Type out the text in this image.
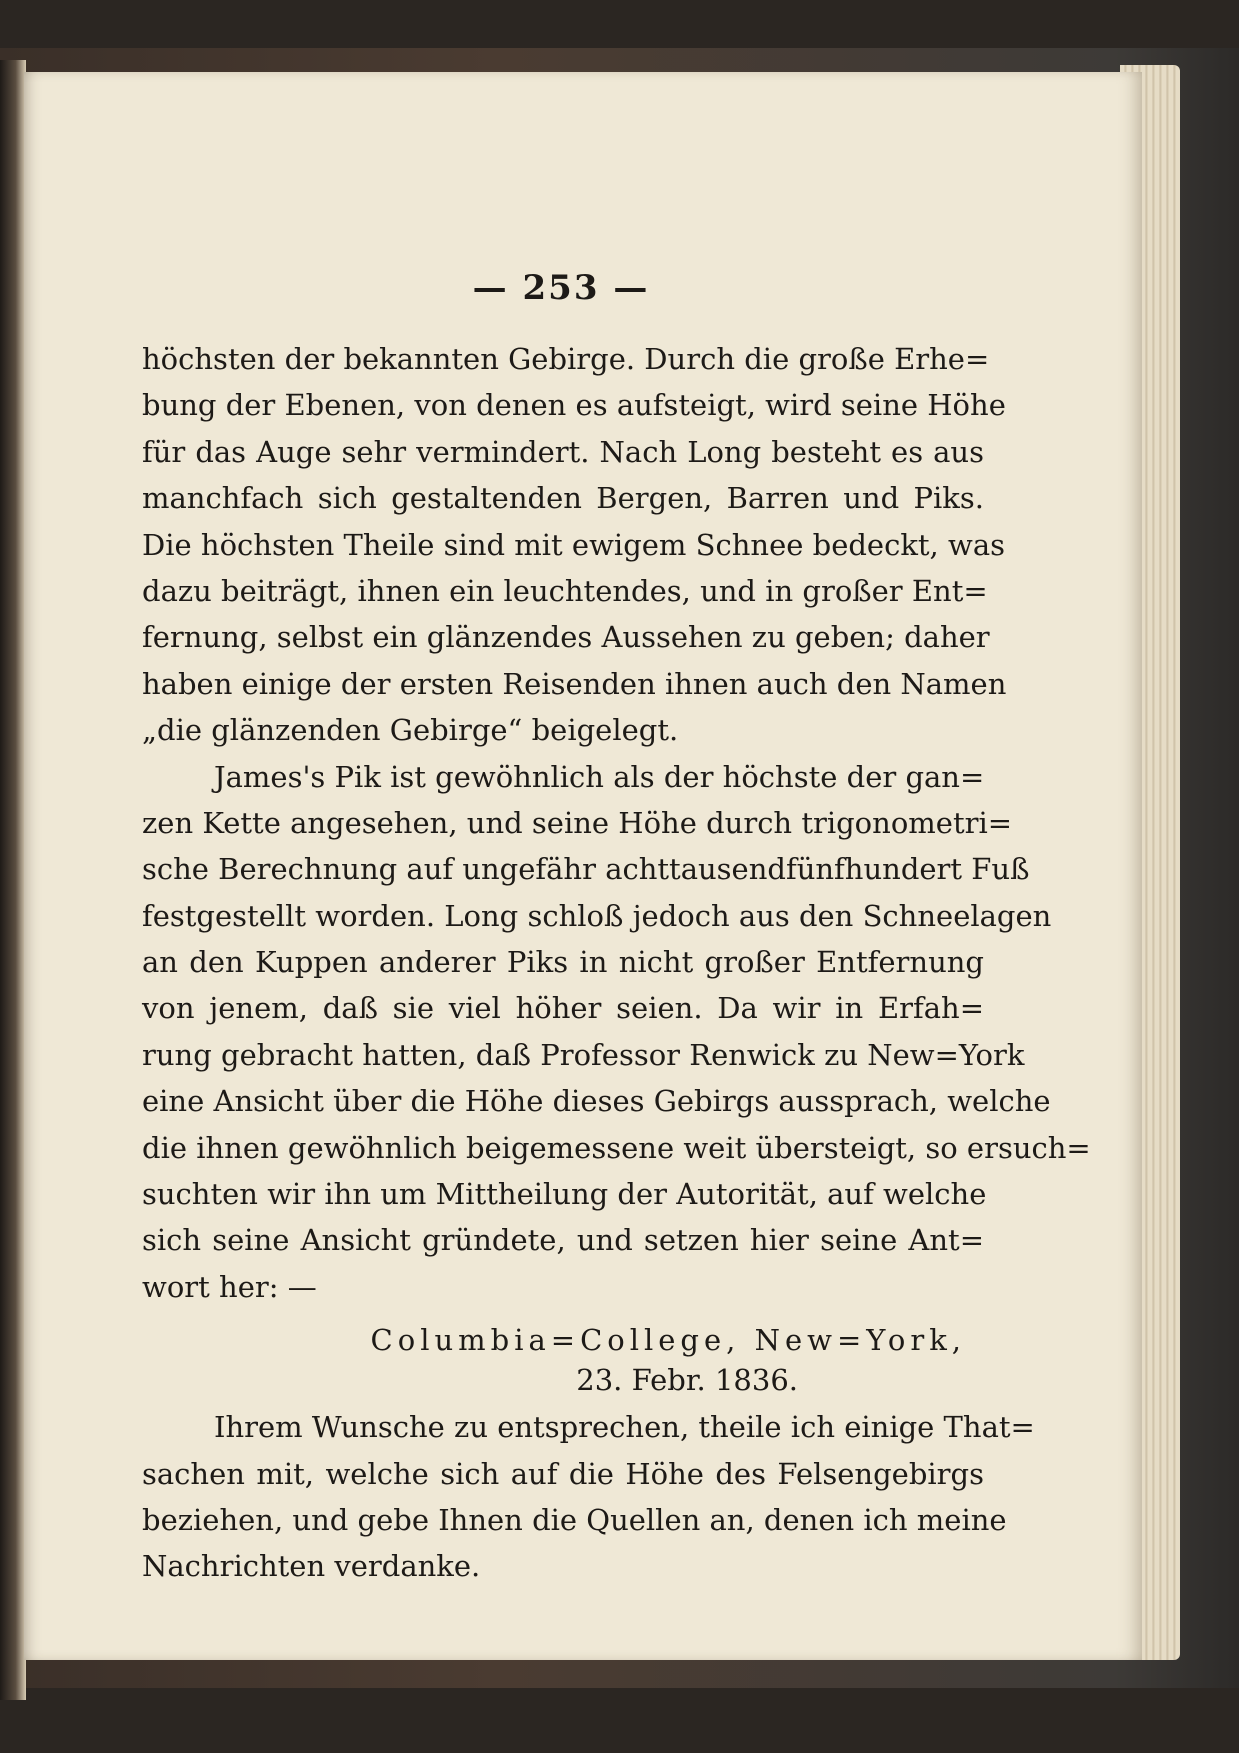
— 253 —
höchsten der bekannten Gebirge. Durch die große Erhe=
bung der Ebenen, von denen es aufsteigt, wird seine Höhe
für das Auge sehr vermindert. Nach Long besteht es aus
manchfach sich gestaltenden Bergen, Barren und Piks.
Die höchsten Theile sind mit ewigem Schnee bedeckt, was
dazu beiträgt, ihnen ein leuchtendes, und in großer Ent=
fernung, selbst ein glänzendes Aussehen zu geben; daher
haben einige der ersten Reisenden ihnen auch den Namen
„die glänzenden Gebirge“ beigelegt.
James's Pik ist gewöhnlich als der höchste der gan=
zen Kette angesehen, und seine Höhe durch trigonometri=
sche Berechnung auf ungefähr achttausendfünfhundert Fuß
festgestellt worden. Long schloß jedoch aus den Schneelagen
an den Kuppen anderer Piks in nicht großer Entfernung
von jenem, daß sie viel höher seien. Da wir in Erfah=
rung gebracht hatten, daß Professor Renwick zu New=York
eine Ansicht über die Höhe dieses Gebirgs aussprach, welche
die ihnen gewöhnlich beigemessene weit übersteigt, so ersuch=
suchten wir ihn um Mittheilung der Autorität, auf welche
sich seine Ansicht gründete, und setzen hier seine Ant=
wort her: —
Columbia=College, New=York,
23. Febr. 1836.
Ihrem Wunsche zu entsprechen, theile ich einige That=
sachen mit, welche sich auf die Höhe des Felsengebirgs
beziehen, und gebe Ihnen die Quellen an, denen ich meine
Nachrichten verdanke.
